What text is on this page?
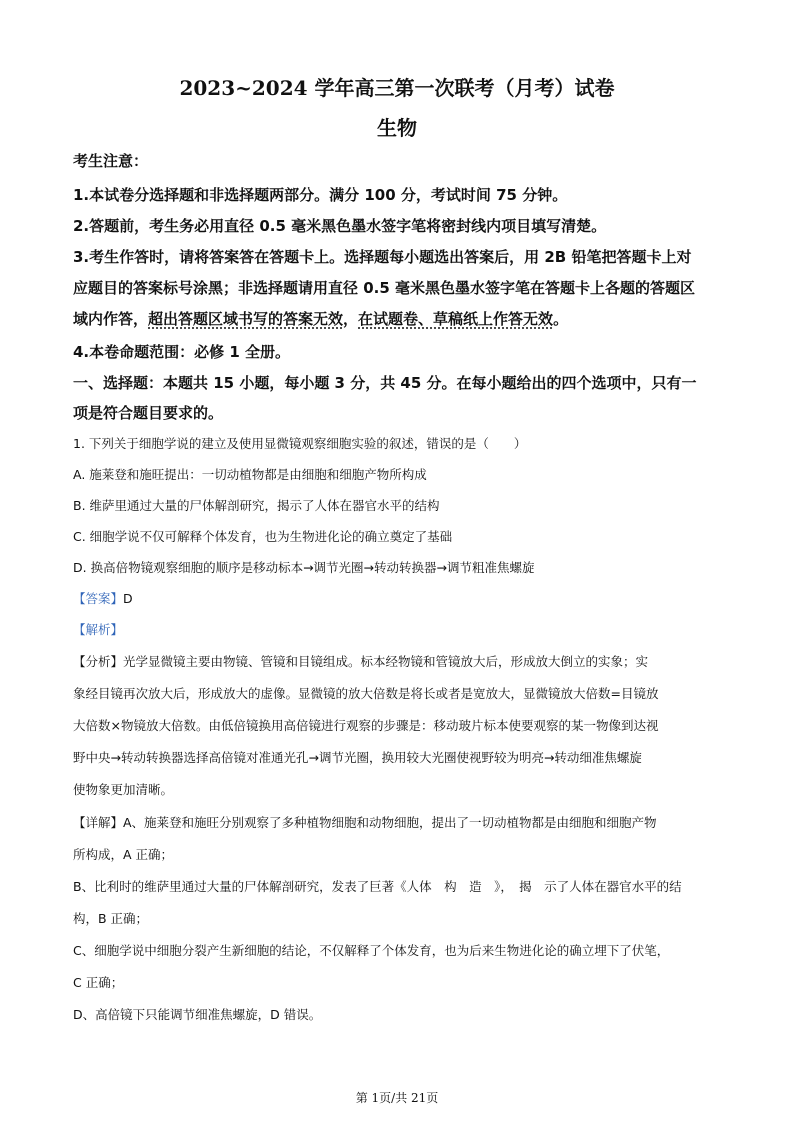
2023~2024 学年高三第一次联考（月考）试卷
生物
考生注意：
1.本试卷分选择题和非选择题两部分。满分 100 分，考试时间 75 分钟。
2.答题前，考生务必用直径 0.5 毫米黑色墨水签字笔将密封线内项目填写清楚。
3.考生作答时，请将答案答在答题卡上。选择题每小题选出答案后，用 2B 铅笔把答题卡上对
应题目的答案标号涂黑；非选择题请用直径 0.5 毫米黑色墨水签字笔在答题卡上各题的答题区
域内作答，超出答题区域书写的答案无效，在试题卷、草稿纸上作答无效。
4.本卷命题范围：必修 1 全册。
一、选择题：本题共 15 小题，每小题 3 分，共 45 分。在每小题给出的四个选项中，只有一
项是符合题目要求的。
1. 下列关于细胞学说的建立及使用显微镜观察细胞实验的叙述，错误的是（　　）
A. 施莱登和施旺提出：一切动植物都是由细胞和细胞产物所构成
B. 维萨里通过大量的尸体解剖研究，揭示了人体在器官水平的结构
C. 细胞学说不仅可解释个体发育，也为生物进化论的确立奠定了基础
D. 换高倍物镜观察细胞的顺序是移动标本→调节光圈→转动转换器→调节粗准焦螺旋
【答案】D
【解析】
【分析】光学显微镜主要由物镜、管镜和目镜组成。标本经物镜和管镜放大后，形成放大倒立的实象；实
象经目镜再次放大后，形成放大的虚像。显微镜的放大倍数是将长或者是宽放大，显微镜放大倍数=目镜放
大倍数×物镜放大倍数。由低倍镜换用高倍镜进行观察的步骤是：移动玻片标本使要观察的某一物像到达视
野中央→转动转换器选择高倍镜对准通光孔→调节光圈，换用较大光圈使视野较为明亮→转动细准焦螺旋
使物象更加清晰。
【详解】A、施莱登和施旺分别观察了多种植物细胞和动物细胞，提出了一切动植物都是由细胞和细胞产物
所构成，A 正确；
B、比利时的维萨里通过大量的尸体解剖研究，发表了巨著《人体　构　造　》，　揭　示了人体在器官水平的结
构，B 正确；
C、细胞学说中细胞分裂产生新细胞的结论，不仅解释了个体发育，也为后来生物进化论的确立埋下了伏笔，
C 正确；
D、高倍镜下只能调节细准焦螺旋，D 错误。
第 1页/共 21页
